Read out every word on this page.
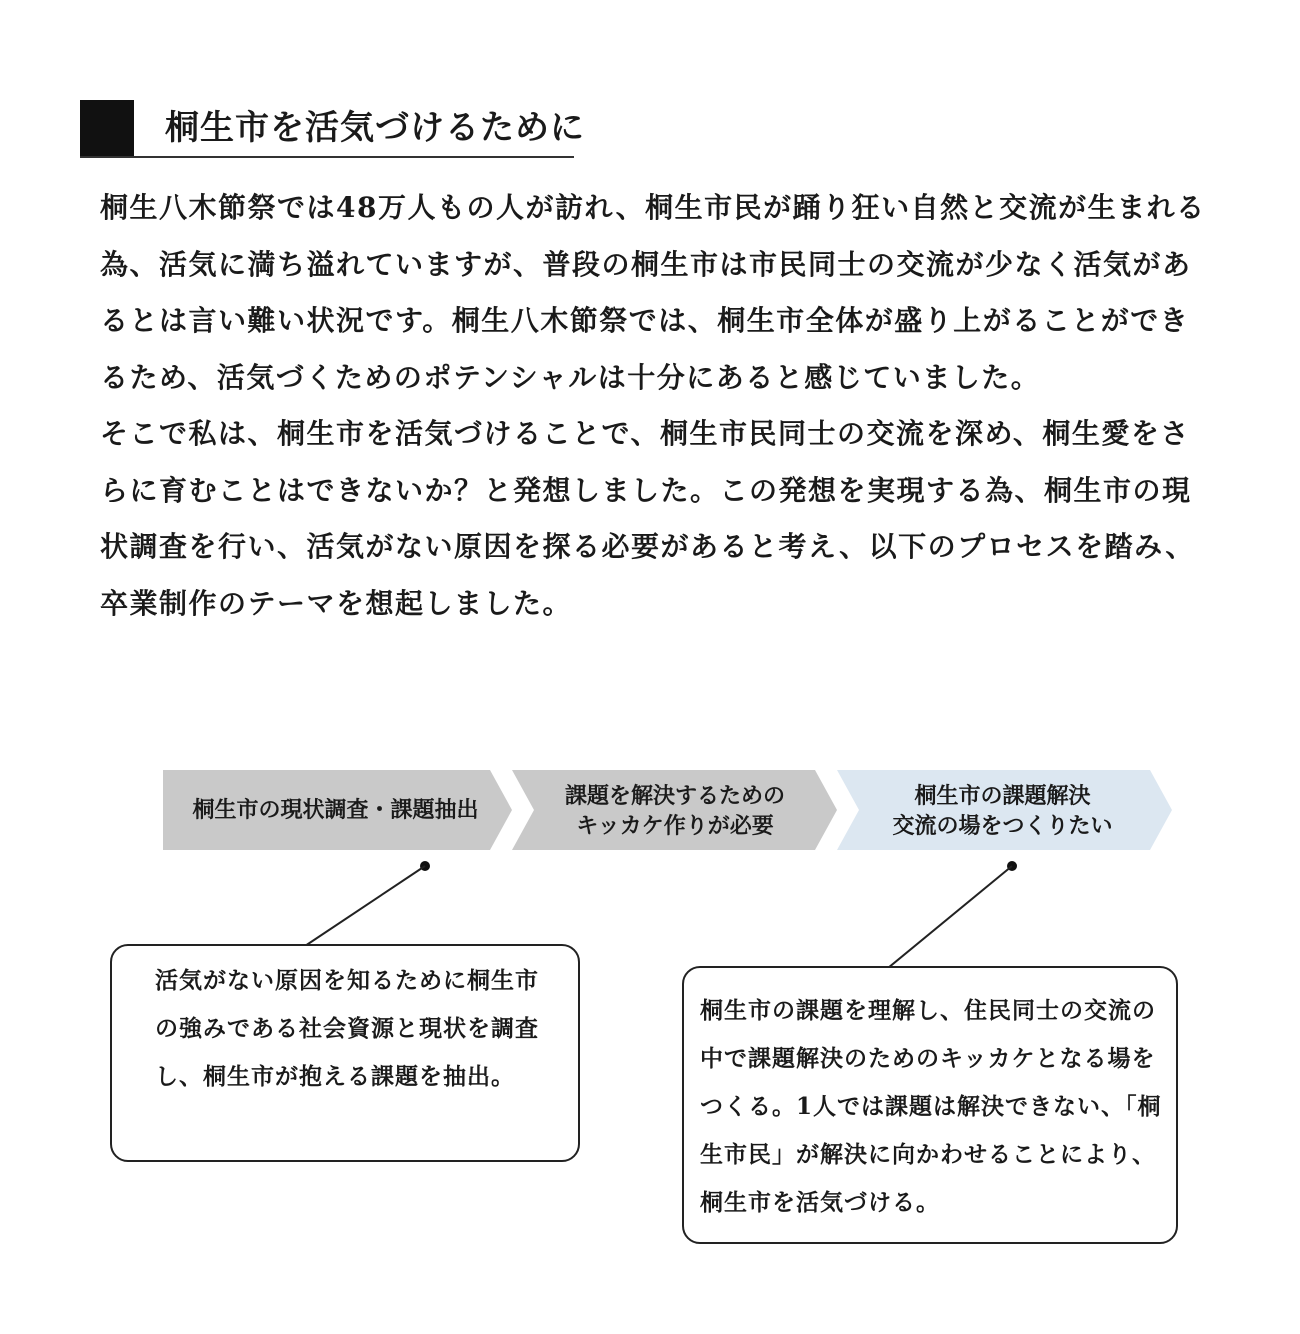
桐生市を活気づけるために

桐生八木節祭では48万人もの人が訪れ、桐生市民が踊り狂い自然と交流が生まれる為、活気に満ち溢れていますが、普段の桐生市は市民同士の交流が少なく活気があるとは言い難い状況です。桐生八木節祭では、桐生市全体が盛り上がることができるため、活気づくためのポテンシャルは十分にあると感じていました。

そこで私は、桐生市を活気づけることで、桐生市民同士の交流を深め、桐生愛をさらに育むことはできないか？と発想しました。この発想を実現する為、桐生市の現状調査を行い、活気がない原因を探る必要があると考え、以下のプロセスを踏み、卒業制作のテーマを想起しました。

桐生市の現状調査・課題抽出
課題を解決するための
キッカケ作りが必要
桐生市の課題解決
交流の場をつくりたい

活気がない原因を知るために桐生市の強みである社会資源と現状を調査し、桐生市が抱える課題を抽出。

桐生市の課題を理解し、住民同士の交流の中で課題解決のためのキッカケとなる場をつくる。1人では課題は解決できない、「桐生市民」が解決に向かわせることにより、桐生市を活気づける。
